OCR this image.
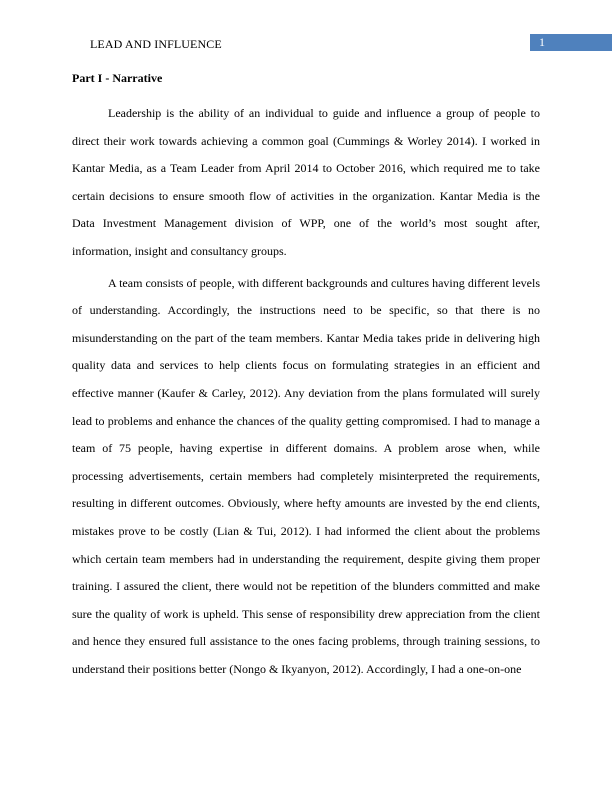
LEAD AND INFLUENCE	1

Part I - Narrative

Leadership is the ability of an individual to guide and influence a group of people to direct their work towards achieving a common goal (Cummings & Worley 2014). I worked in Kantar Media, as a Team Leader from April 2014 to October 2016, which required me to take certain decisions to ensure smooth flow of activities in the organization. Kantar Media is the Data Investment Management division of WPP, one of the world’s most sought after, information, insight and consultancy groups.

A team consists of people, with different backgrounds and cultures having different levels of understanding. Accordingly, the instructions need to be specific, so that there is no misunderstanding on the part of the team members. Kantar Media takes pride in delivering high quality data and services to help clients focus on formulating strategies in an efficient and effective manner (Kaufer & Carley, 2012). Any deviation from the plans formulated will surely lead to problems and enhance the chances of the quality getting compromised. I had to manage a team of 75 people, having expertise in different domains. A problem arose when, while processing advertisements, certain members had completely misinterpreted the requirements, resulting in different outcomes. Obviously, where hefty amounts are invested by the end clients, mistakes prove to be costly (Lian & Tui, 2012). I had informed the client about the problems which certain team members had in understanding the requirement, despite giving them proper training. I assured the client, there would not be repetition of the blunders committed and make sure the quality of work is upheld. This sense of responsibility drew appreciation from the client and hence they ensured full assistance to the ones facing problems, through training sessions, to understand their positions better (Nongo & Ikyanyon, 2012). Accordingly, I had a one-on-one
